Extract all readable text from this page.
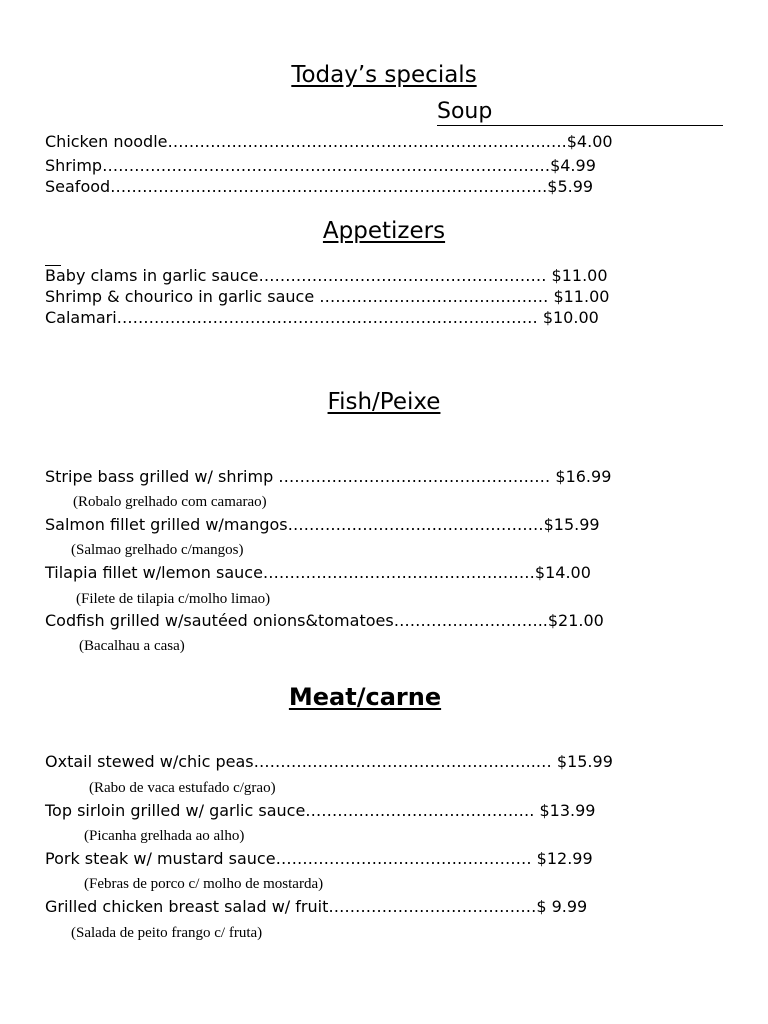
Today’s specials
Soup

Chicken noodle……………………………………………………………..….$4.00

Shrimp…………………………………………………………………………$4.99

Seafood……………………………………………………………………….$5.99

Appetizers

Baby clams in garlic sauce……………………………………………… $11.00

Shrimp & chourico in garlic sauce …………………………….……… $11.00

Calamari…………………………………………………………….……… $10.00

Fish/Peixe

Stripe bass grilled w/ shrimp …………………………………………… $16.99

(Robalo grelhado com camarao)

Salmon fillet grilled w/mangos…………………………………………$15.99

(Salmao grelhado c/mangos)

Tilapia fillet w/lemon sauce……………………………………………$14.00

(Filete de tilapia c/molho limao)

Codfish grilled w/sautéed onions&tomatoes………………………..$21.00

(Bacalhau a casa)

Meat/carne

Oxtail stewed w/chic peas……………………………………………..… $15.99

(Rabo de vaca estufado c/grao)

Top sirloin grilled w/ garlic sauce……………………………………. $13.99

(Picanha grelhada ao alho)

Pork steak w/ mustard sauce………………………………………… $12.99

(Febras de porco c/ molho de mostarda)

Grilled chicken breast salad w/ fruit…………………………………$ 9.99

(Salada de peito frango c/ fruta)
